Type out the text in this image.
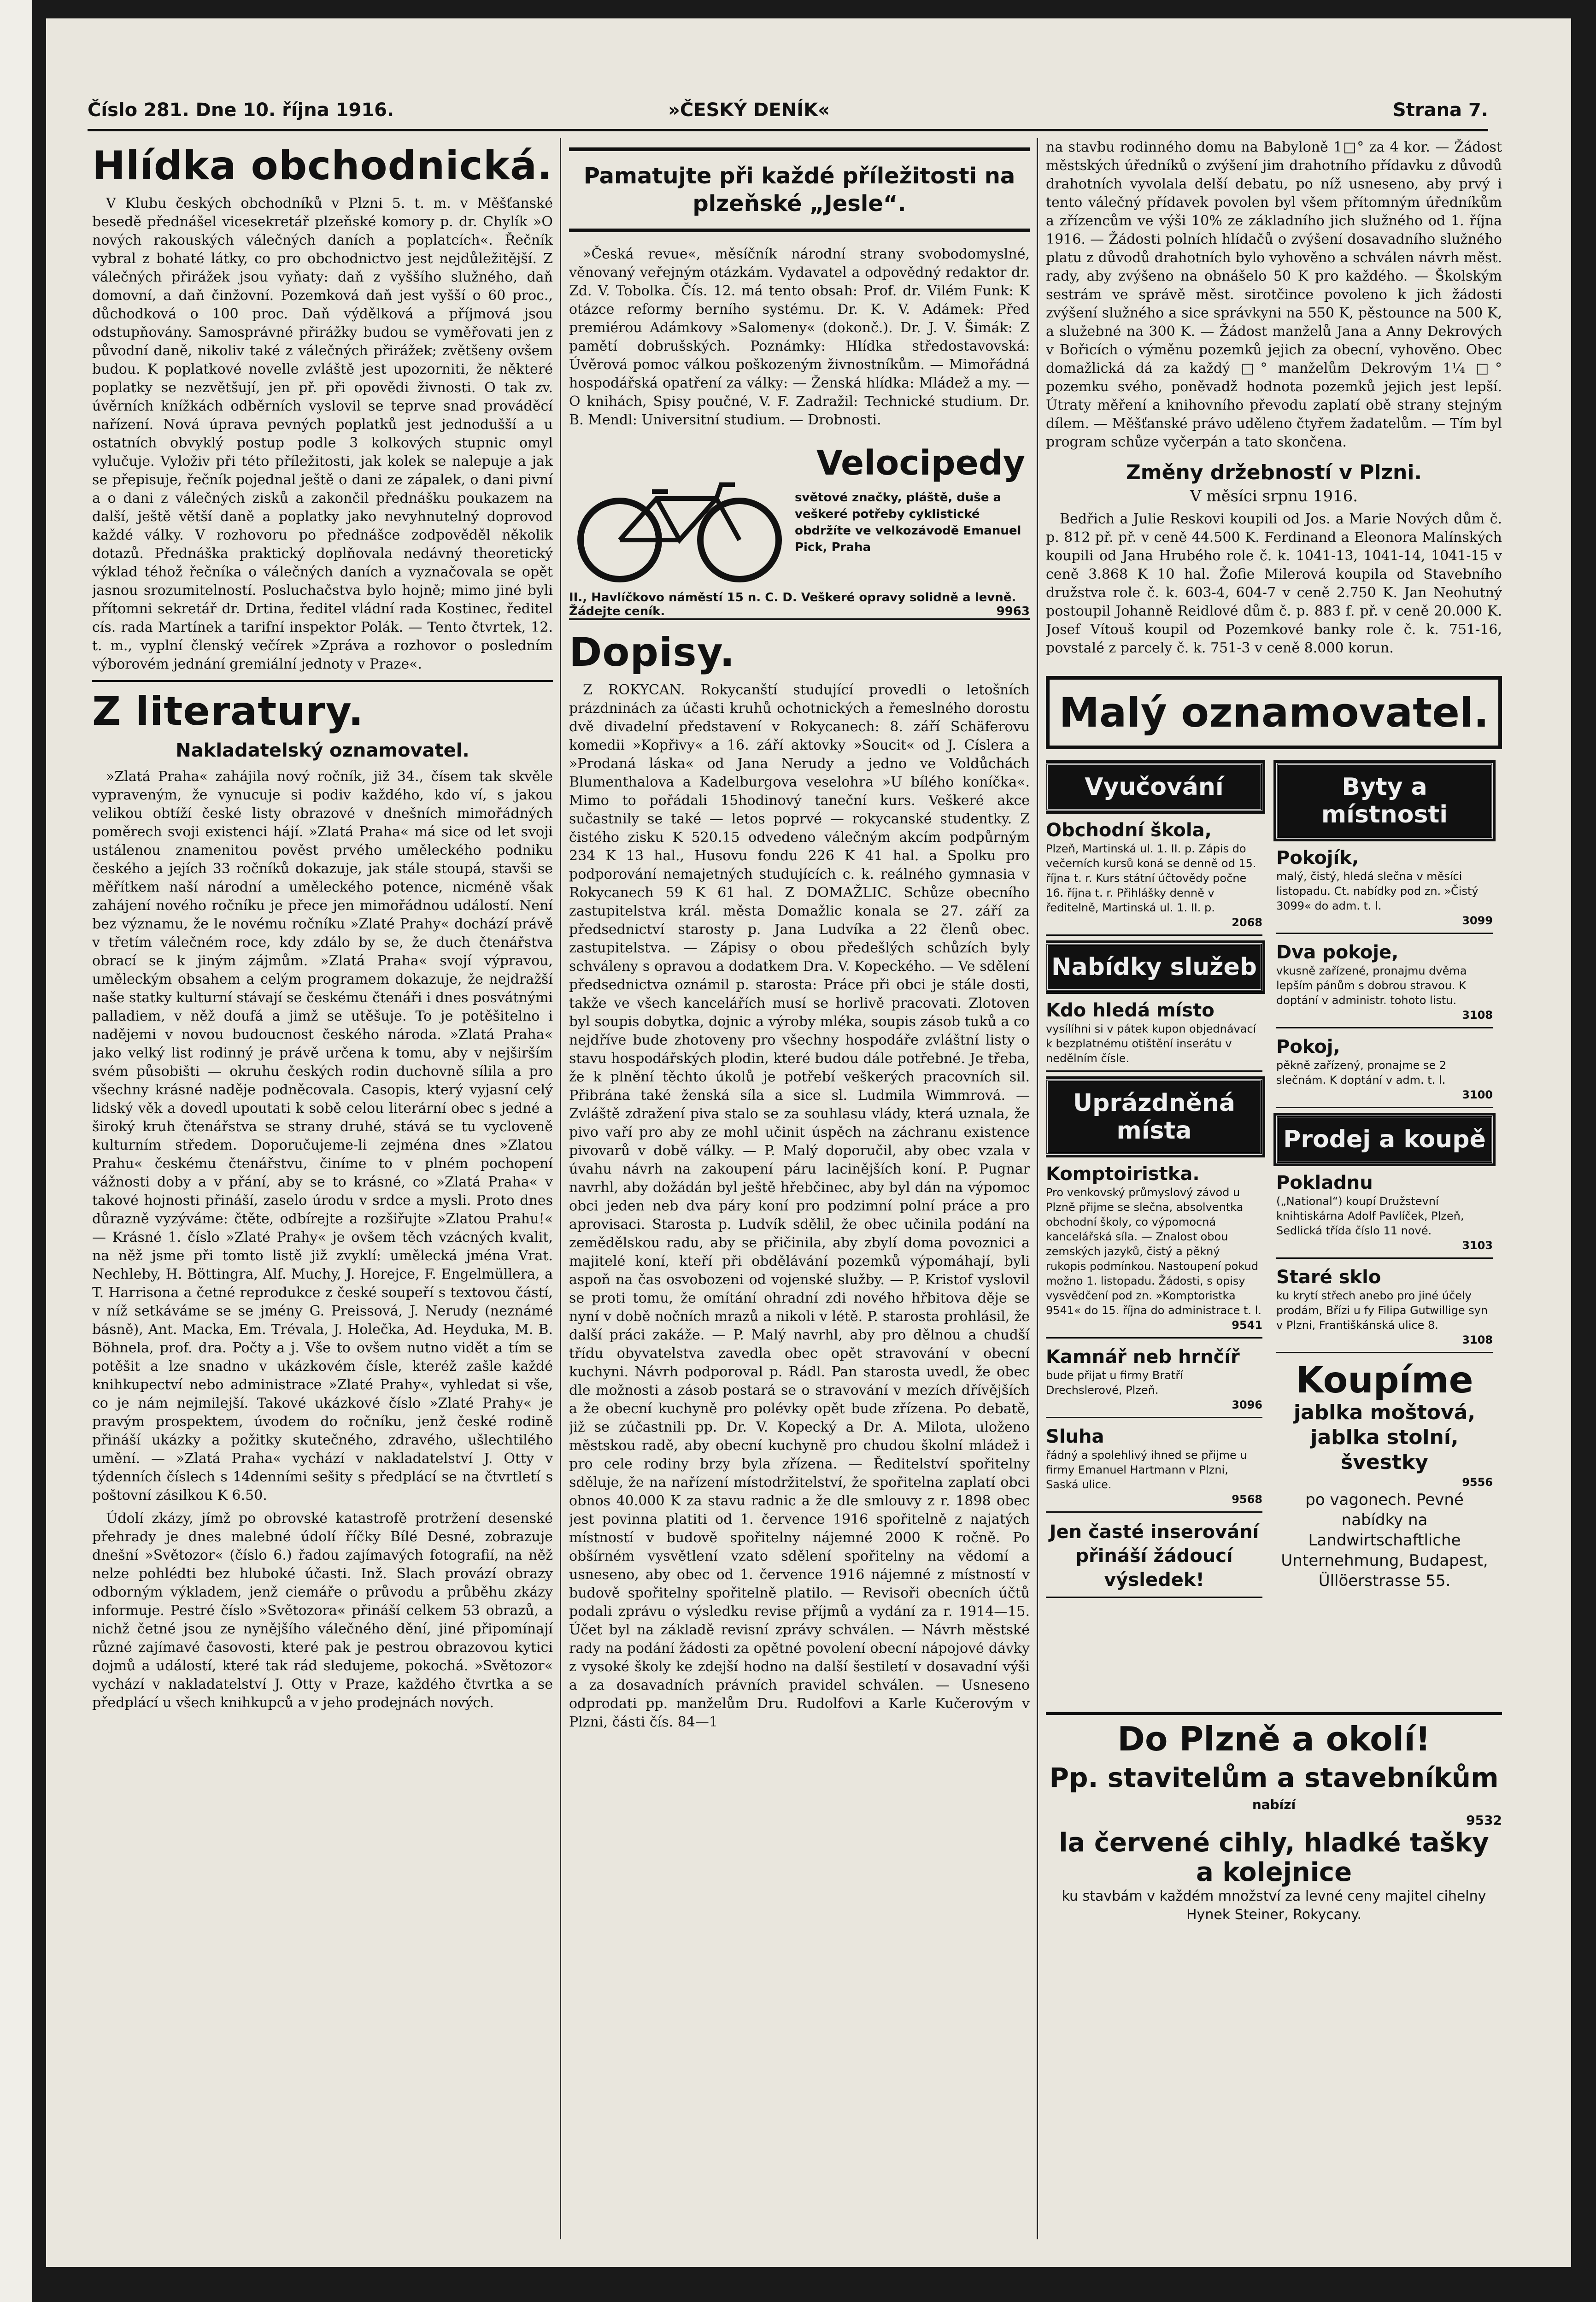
Číslo 281. Dne 10. října 1916.	»ČESKÝ DENÍK«	Strana 7.
Hlídka obchodnická.

V Klubu českých obchodníků v Plzni 5. t. m. v Měšťanské besedě přednášel vicesekretář plzeňské komory p. dr. Chylík »O nových rakouských válečných daních a poplatcích«. Řečník vybral z bohaté látky, co pro obchodnictvo jest nejdůležitější. Z válečných přirážek jsou vyňaty: daň z vyššího služného, daň domovní, a daň činžovní. Pozemková daň jest vyšší o 60 proc., důchodková o 100 proc. Daň výdělková a příjmová jsou odstupňovány. Samosprávné přirážky budou se vyměřovati jen z původní daně, nikoliv také z válečných přirážek; zvětšeny ovšem budou. K poplatkové novelle zvláště jest upozorniti, že některé poplatky se nezvětšují, jen př. při opovědi živnosti. O tak zv. úvěrních knížkách odběrních vyslovil se teprve snad prováděcí nařízení. Nová úprava pevných poplatků jest jednodušší a u ostatních obvyklý postup podle 3 kolkových stupnic omyl vylučuje. Vyloživ při této příležitosti, jak kolek se nalepuje a jak se přepisuje, řečník pojednal ještě o dani ze zápalek, o dani pivní a o dani z válečných zisků a zakončil přednášku poukazem na další, ještě větší daně a poplatky jako nevyhnutelný doprovod každé války. V rozhovoru po přednášce zodpověděl několik dotazů. Přednáška praktický doplňovala nedávný theoretický výklad téhož řečníka o válečných daních a vyznačovala se opět jasnou srozumitelností. Posluchačstva bylo hojně; mimo jiné byli přítomni sekretář dr. Drtina, ředitel vládní rada Kostinec, ředitel cís. rada Martínek a tarifní inspektor Polák. — Tento čtvrtek, 12. t. m., vyplní členský večírek »Zpráva a rozhovor o posledním výborovém jednání gremiální jednoty v Praze«.

Z literatury.
Nakladatelský oznamovatel.

»Zlatá Praha« zahájila nový ročník, již 34., čísem tak skvěle vypraveným, že vynucuje si podiv každého, kdo ví, s jakou velikou obtíží české listy obrazové v dnešních mimořádných poměrech svoji existenci hájí. »Zlatá Praha« má sice od let svoji ustálenou znamenitou pověst prvého uměleckého podniku českého a jejích 33 ročníků dokazuje, jak stále stoupá, stavši se měřítkem naší národní a uměleckého potence, nicméně však zahájení nového ročníku je přece jen mimořádnou událostí. Není bez významu, že le novému ročníku »Zlaté Prahy« dochází právě v třetím válečném roce, kdy zdálo by se, že duch čtenářstva obrací se k jiným zájmům. »Zlatá Praha« svojí výpravou, uměleckým obsahem a celým programem dokazuje, že nejdražší naše statky kulturní stávají se českému čtenáři i dnes posvátnými palladiem, v něž doufá a jimž se utěšuje. To je potěšitelno i nadějemi v novou budoucnost českého národa. »Zlatá Praha« jako velký list rodinný je právě určena k tomu, aby v nejširším svém působišti — okruhu českých rodin duchovně sílila a pro všechny krásné naděje podněcovala. Casopis, který vyjasní celý lidský věk a dovedl upoutati k sobě celou literární obec s jedné a široký kruh čtenářstva se strany druhé, stává se tu vycloveně kulturním středem. Doporučujeme-li zejména dnes »Zlatou Prahu« českému čtenářstvu, činíme to v plném pochopení vážnosti doby a v přání, aby se to krásné, co »Zlatá Praha« v takové hojnosti přináší, zaselo úrodu v srdce a mysli. Proto dnes důrazně vyzýváme: čtěte, odbírejte a rozšiřujte »Zlatou Prahu!« — Krásné 1. číslo »Zlaté Prahy« je ovšem těch vzácných kvalit, na něž jsme při tomto listě již zvyklí: umělecká jména Vrat. Nechleby, H. Böttingra, Alf. Muchy, J. Horejce, F. Engelmüllera, a T. Harrisona a četné reprodukce z české soupeří s textovou částí, v níž setkáváme se se jmény G. Preissová, J. Nerudy (neznámé básně), Ant. Macka, Em. Trévala, J. Holečka, Ad. Heyduka, M. B. Böhnela, prof. dra. Počty a j. Vše to ovšem nutno vidět a tím se potěšit a lze snadno v ukázkovém čísle, kteréž zašle každé knihkupectví nebo administrace »Zlaté Prahy«, vyhledat si vše, co je nám nejmilejší. Takové ukázkové číslo »Zlaté Prahy« je pravým prospektem, úvodem do ročníku, jenž české rodině přináší ukázky a požitky skutečného, zdravého, ušlechtilého umění. — »Zlatá Praha« vychází v nakladatelství J. Otty v týdenních číslech s 14denními sešity s předplácí se na čtvrtletí s poštovní zásilkou K 6.50.

Údolí zkázy, jímž po obrovské katastrofě protržení desenské přehrady je dnes malebné údolí říčky Bílé Desné, zobrazuje dnešní »Světozor« (číslo 6.) řadou zajímavých fotografií, na něž nelze pohlédti bez hluboké účasti. Inž. Slach provází obrazy odborným výkladem, jenž ciemáře o průvodu a průběhu zkázy informuje. Pestré číslo »Světozora« přináší celkem 53 obrazů, a nichž četné jsou ze nynějšího válečného dění, jiné připomínají různé zajímavé časovosti, které pak je pestrou obrazovou kytici dojmů a událostí, které tak rád sledujeme, pokochá. »Světozor« vychází v nakladatelství J. Otty v Praze, každého čtvrtka a se předplácí u všech knihkupců a v jeho prodejnách nových.

Pamatujte při každé příležitosti na plzeňské „Jesle“.

»Česká revue«, měsíčník národní strany svobodomyslné, věnovaný veřejným otázkám. Vydavatel a odpovědný redaktor dr. Zd. V. Tobolka. Čís. 12. má tento obsah: Prof. dr. Vilém Funk: K otázce reformy berního systému. Dr. K. V. Adámek: Před premiérou Adámkovy »Salomeny« (dokonč.). Dr. J. V. Šimák: Z pamětí dobrušských. Poznámky: Hlídka středostavovská: Úvěrová pomoc válkou poškozeným živnostníkům. — Mimořádná hospodářská opatření za války: — Ženská hlídka: Mládež a my. — O knihách, Spisy poučné, V. F. Zadražil: Technické studium. Dr. B. Mendl: Universitní studium. — Drobnosti.

Velocipedy
světové značky, pláště, duše a veškeré potřeby cyklistické obdržíte ve velkozávodě Emanuel Pick, Praha
II., Havlíčkovo náměstí 15 n. C. D. Veškeré opravy solidně a levně. Žádejte ceník.	9963
Dopisy.

Z ROKYCAN. Rokycanští studující provedli o letošních prázdninách za účasti kruhů ochotnických a řemeslného dorostu dvě divadelní představení v Rokycanech: 8. září Schäferovu komedii »Kopřivy« a 16. září aktovky »Soucit« od J. Císlera a »Prodaná láska« od Jana Nerudy a jedno ve Voldůchách Blumenthalova a Kadelburgova veselohra »U bílého koníčka«. Mimo to pořádali 15hodinový taneční kurs. Veškeré akce sučastnily se také — letos poprvé — rokycanské studentky. Z čistého zisku K 520.15 odvedeno válečným akcím podpůrným 234 K 13 hal., Husovu fondu 226 K 41 hal. a Spolku pro podporování nemajetných studujících c. k. reálného gymnasia v Rokycanech 59 K 61 hal. Z DOMAŽLIC. Schůze obecního zastupitelstva král. města Domažlic konala se 27. září za předsednictví starosty p. Jana Ludvíka a 22 členů obec. zastupitelstva. — Zápisy o obou předešlých schůzích byly schváleny s opravou a dodatkem Dra. V. Kopeckého. — Ve sdělení předsednictva oznámil p. starosta: Práce při obci je stále dosti, takže ve všech kancelářích musí se horlivě pracovati. Zlotoven byl soupis dobytka, dojnic a výroby mléka, soupis zásob tuků a co nejdříve bude zhotoveny pro všechny hospodáře zvláštní listy o stavu hospodářských plodin, které budou dále potřebné. Je třeba, že k plnění těchto úkolů je potřebí veškerých pracovních sil. Přibrána také ženská síla a sice sl. Ludmila Wimmrová. — Zvláště zdražení piva stalo se za souhlasu vlády, která uznala, že pivo vaří pro aby ze mohl učinit úspěch na záchranu existence pivovarů v době války. — P. Malý doporučil, aby obec vzala v úvahu návrh na zakoupení páru lacinějších koní. P. Pugnar navrhl, aby dožádán byl ještě hřebčinec, aby byl dán na výpomoc obci jeden neb dva páry koní pro podzimní polní práce a pro aprovisaci. Starosta p. Ludvík sdělil, že obec učinila podání na zemědělskou radu, aby se přičinila, aby zbylí doma povoznici a majitelé koní, kteří při obdělávání pozemků výpomáhají, byli aspoň na čas osvobozeni od vojenské služby. — P. Kristof vyslovil se proti tomu, že omítání ohradní zdi nového hřbitova děje se nyní v době nočních mrazů a nikoli v létě. P. starosta prohlásil, že další práci zakáže. — P. Malý navrhl, aby pro dělnou a chudší třídu obyvatelstva zavedla obec opět stravování v obecní kuchyni. Návrh podporoval p. Rádl. Pan starosta uvedl, že obec dle možnosti a zásob postará se o stravování v mezích dřívějších a že obecní kuchyně pro polévky opět bude zřízena. Po debatě, již se zúčastnili pp. Dr. V. Kopecký a Dr. A. Milota, uloženo městskou radě, aby obecní kuchyně pro chudou školní mládež i pro cele rodiny brzy byla zřízena. — Ředitelství spořitelny sděluje, že na nařízení místodržitelství, že spořitelna zaplatí obci obnos 40.000 K za stavu radnic a že dle smlouvy z r. 1898 obec jest povinna platiti od 1. července 1916 spořitelně z najatých místností v budově spořitelny nájemné 2000 K ročně. Po obšírném vysvětlení vzato sdělení spořitelny na vědomí a usneseno, aby obec od 1. července 1916 nájemné z místností v budově spořitelny spořitelně platilo. — Revisoři obecních účtů podali zprávu o výsledku revise příjmů a vydání za r. 1914—15. Účet byl na základě revisní zprávy schválen. — Návrh městské rady na podání žádosti za opětné povolení obecní nápojové dávky z vysoké školy ke zdejší hodno na další šestiletí v dosavadní výši a za dosavadních právních pravidel schválen. — Usneseno odprodati pp. manželům Dru. Rudolfovi a Karle Kučerovým v Plzni, části čís. 84—1

na stavbu rodinného domu na Babyloně 1□° za 4 kor. — Žádost městských úředníků o zvýšení jim drahotního přídavku z důvodů drahotních vyvolala delší debatu, po níž usneseno, aby prvý i tento válečný přídavek povolen byl všem přítomným úředníkům a zřízencům ve výši 10% ze základního jich služného od 1. října 1916. — Žádosti polních hlídačů o zvýšení dosavadního služného platu z důvodů drahotních bylo vyhověno a schválen návrh měst. rady, aby zvýšeno na obnášelo 50 K pro každého. — Školským sestrám ve správě měst. sirotčince povoleno k jich žádosti zvýšení služného a sice správkyni na 550 K, pěstounce na 500 K, a služebné na 300 K. — Žádost manželů Jana a Anny Dekrových v Bořicích o výměnu pozemků jejich za obecní, vyhověno. Obec domažlická dá za každý □° manželům Dekrovým 1¼ □° pozemku svého, poněvadž hodnota pozemků jejich jest lepší. Útraty měření a knihovního převodu zaplatí obě strany stejným dílem. — Měšťanské právo uděleno čtyřem žadatelům. — Tím byl program schůze vyčerpán a tato skončena.

Změny držebností v Plzni.
V měsíci srpnu 1916.

Bedřich a Julie Reskovi koupili od Jos. a Marie Nových dům č. p. 812 př. př. v ceně 44.500 K. Ferdinand a Eleonora Malínských koupili od Jana Hrubého role č. k. 1041-13, 1041-14, 1041-15 v ceně 3.868 K 10 hal. Žofie Milerová koupila od Stavebního družstva role č. k. 603-4, 604-7 v ceně 2.750 K. Jan Neohutný postoupil Johanně Reidlové dům č. p. 883 f. př. v ceně 20.000 K. Josef Vítouš koupil od Pozemkové banky role č. k. 751-16, povstalé z parcely č. k. 751-3 v ceně 8.000 korun.

Malý oznamovatel.
Vyučování
Obchodní škola,
Plzeň, Martinská ul. 1. II. p. Zápis do večerních kursů koná se denně od 15. října t. r. Kurs státní účtovědy počne 16. října t. r. Přihlášky denně v ředitelně, Martinská ul. 1. II. p.
2068
Nabídky služeb
Kdo hledá místo
vysílíhni si v pátek kupon objednávací k bezplatnému otištění inserátu v nedělním čísle.
Uprázdněná místa
Komptoiristka.
Pro venkovský průmyslový závod u Plzně přijme se slečna, absolventka obchodní školy, co výpomocná kancelářská síla. — Znalost obou zemských jazyků, čistý a pěkný rukopis podmínkou. Nastoupení pokud možno 1. listopadu. Žádosti, s opisy vysvědčení pod zn. »Komptoristka 9541« do 15. října do administrace t. l.
9541
Kamnář neb hrnčíř
bude přijat u firmy Bratří Drechslerové, Plzeň.
3096
Sluha
řádný a spolehlivý ihned se přijme u firmy Emanuel Hartmann v Plzni, Saská ulice.
9568
Jen časté inserování přináší žádoucí výsledek!
Byty a místnosti
Pokojík,
malý, čistý, hledá slečna v měsíci listopadu. Ct. nabídky pod zn. »Čistý 3099« do adm. t. l.
3099
Dva pokoje,
vkusně zařízené, pronajmu dvěma lepším pánům s dobrou stravou. K doptání v administr. tohoto listu.
3108
Pokoj,
pěkně zařízený, pronajme se 2 slečnám. K doptání v adm. t. l.
3100
Prodej a koupě
Pokladnu
(„National“) koupí Družstevní knihtiskárna Adolf Pavlíček, Plzeň, Sedlická třída číslo 11 nové.
3103
Staré sklo
ku krytí střech anebo pro jiné účely prodám, Břízi u fy Filipa Gutwillige syn v Plzni, Františkánská ulice 8.
3108
Koupíme
jablka moštová, jablka stolní, švestky
9556
po vagonech. Pevné nabídky na Landwirtschaftliche Unternehmung, Budapest, Üllöerstrasse 55.
Do Plzně a okolí!
Pp. stavitelům a stavebníkům
nabízí
9532
la červené cihly, hladké tašky a kolejnice
ku stavbám v každém množství za levné ceny majitel cihelny Hynek Steiner, Rokycany.
